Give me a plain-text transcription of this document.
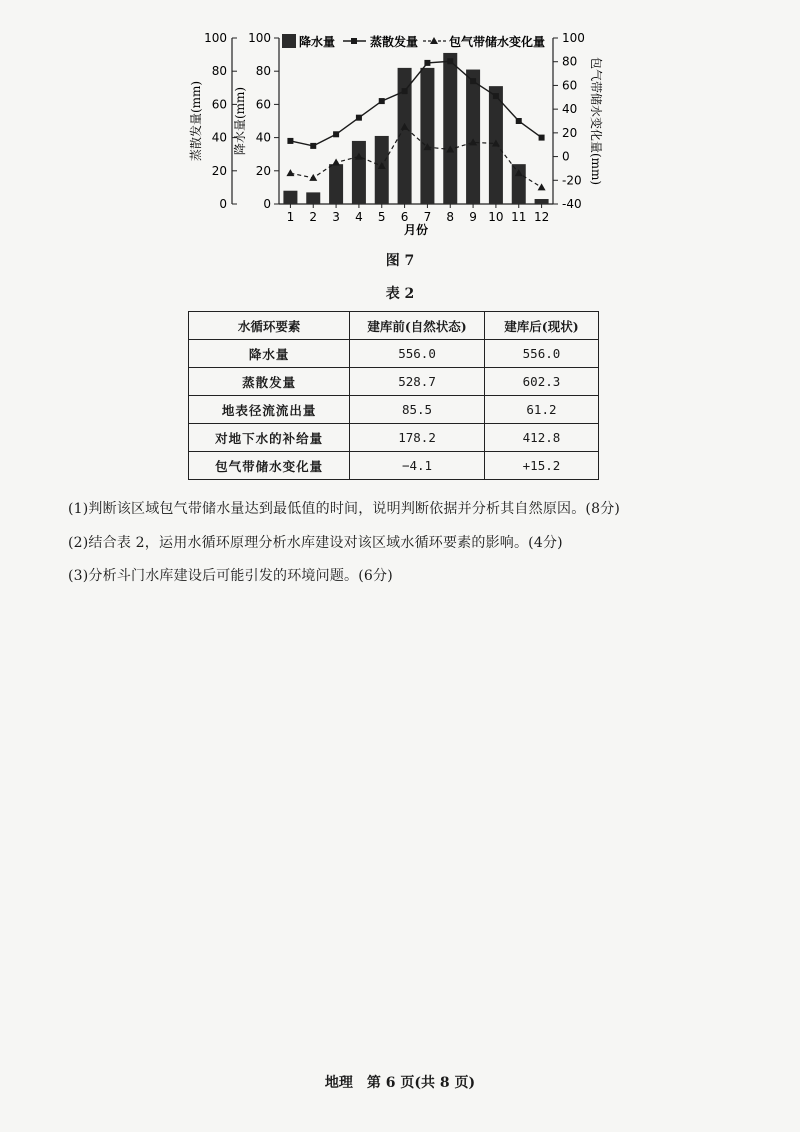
0
20
40
60
80
100
0
20
40
60
80
100
-40
-20
0
20
40
60
80
100
蒸散发量(mm)	降水量(mm)	包气带储水变化量(mm)
1 2 3 4 5 6 7 8 9 10 11 12
月份
降水量	蒸散发量	包气带储水变化量
图 7
表 2
水循环要素	建库前(自然状态)	建库后(现状)
降水量	556.0	556.0
蒸散发量	528.7	602.3
地表径流流出量	85.5	61.2
对地下水的补给量	178.2	412.8
包气带储水变化量	−4.1	+15.2
(1)判断该区域包气带储水量达到最低值的时间，说明判断依据并分析其自然原因。(8分)
(2)结合表 2，运用水循环原理分析水库建设对该区域水循环要素的影响。(4分)
(3)分析斗门水库建设后可能引发的环境问题。(6分)
地理　第 6 页(共 8 页)
